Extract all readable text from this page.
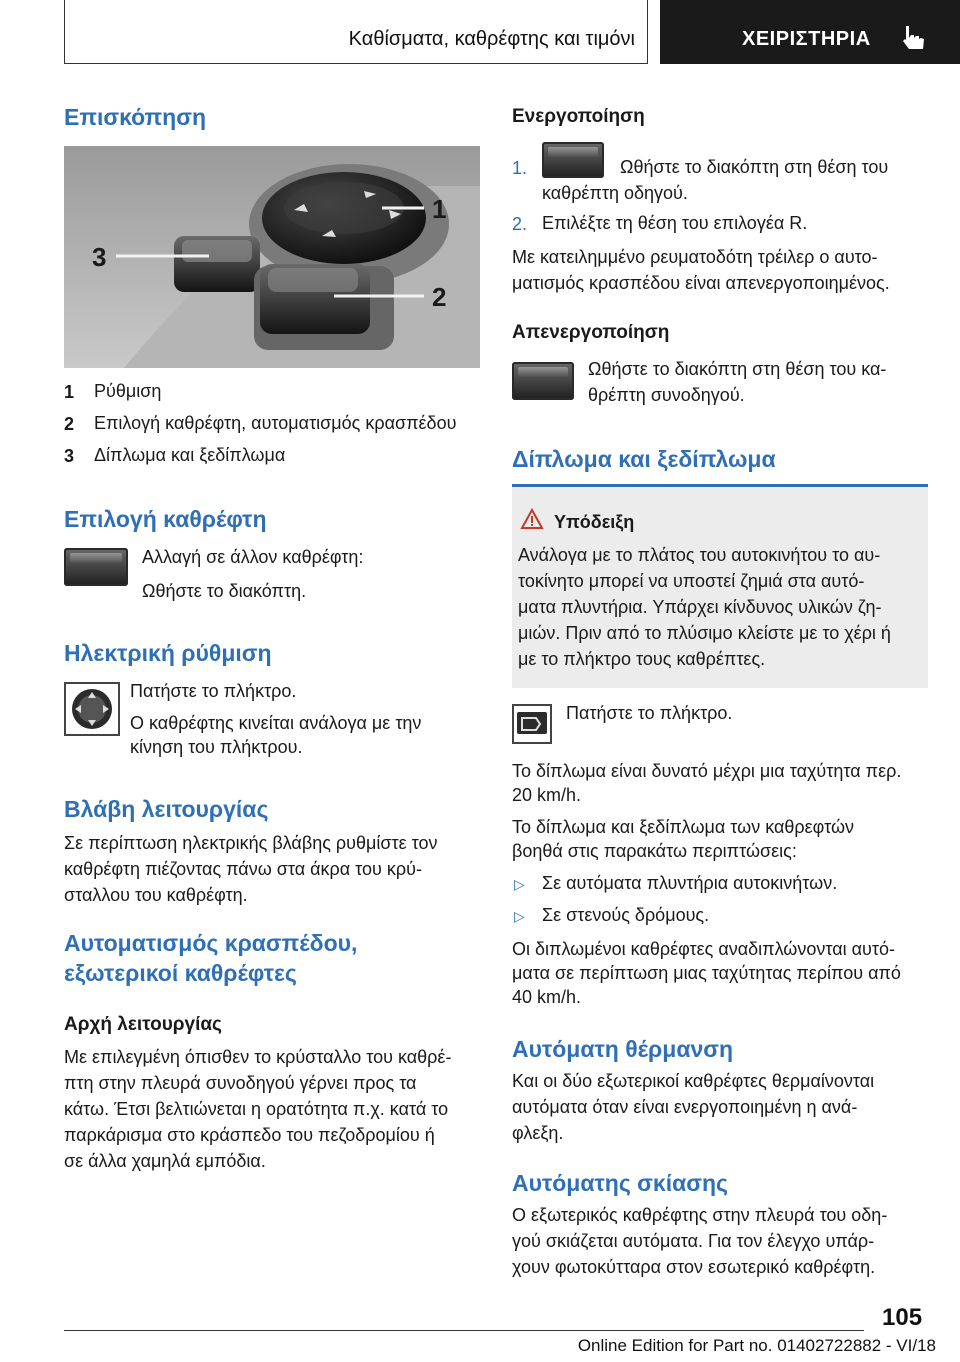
Καθίσματα, καθρέφτης και τιμόνι	ΧΕΙΡΙΣΤΗΡΙΑ
Επισκόπηση
3
1
2
1 Ρύθμιση
2 Επιλογή καθρέφτη, αυτοματισμός κρασπέδου
3 Δίπλωμα και ξεδίπλωμα
Επιλογή καθρέφτη
Αλλαγή σε άλλον καθρέφτη:
Ωθήστε το διακόπτη.
Ηλεκτρική ρύθμιση
Πατήστε το πλήκτρο.
Ο καθρέφτης κινείται ανάλογα με την
κίνηση του πλήκτρου.
Βλάβη λειτουργίας
Σε περίπτωση ηλεκτρικής βλάβης ρυθμίστε τον
καθρέφτη πιέζοντας πάνω στα άκρα του κρύ-
σταλλου του καθρέφτη.
Αυτοματισμός κρασπέδου,
εξωτερικοί καθρέφτες
Αρχή λειτουργίας
Με επιλεγμένη όπισθεν το κρύσταλλο του καθρέ-
πτη στην πλευρά συνοδηγού γέρνει προς τα
κάτω. Έτσι βελτιώνεται η ορατότητα π.χ. κατά το
παρκάρισμα στο κράσπεδο του πεζοδρομίου ή
σε άλλα χαμηλά εμπόδια.
Ενεργοποίηση
1.	Ωθήστε το διακόπτη στη θέση του
καθρέπτη οδηγού.
2. Επιλέξτε τη θέση του επιλογέα R.
Με κατειλημμένο ρευματοδότη τρέιλερ ο αυτο-
ματισμός κρασπέδου είναι απενεργοποιημένος.
Απενεργοποίηση
Ωθήστε το διακόπτη στη θέση του κα-
θρέπτη συνοδηγού.
Δίπλωμα και ξεδίπλωμα
Υπόδειξη
Ανάλογα με το πλάτος του αυτοκινήτου το αυ-
τοκίνητο μπορεί να υποστεί ζημιά στα αυτό-
ματα πλυντήρια. Υπάρχει κίνδυνος υλικών ζη-
μιών. Πριν από το πλύσιμο κλείστε με το χέρι ή
με το πλήκτρο τους καθρέπτες.
Πατήστε το πλήκτρο.
Το δίπλωμα είναι δυνατό μέχρι μια ταχύτητα περ.
20 km/h.
Το δίπλωμα και ξεδίπλωμα των καθρεφτών
βοηθά στις παρακάτω περιπτώσεις:
▷ Σε αυτόματα πλυντήρια αυτοκινήτων.
▷ Σε στενούς δρόμους.
Οι διπλωμένοι καθρέφτες αναδιπλώνονται αυτό-
ματα σε περίπτωση μιας ταχύτητας περίπου από
40 km/h.
Αυτόματη θέρμανση
Και οι δύο εξωτερικοί καθρέφτες θερμαίνονται
αυτόματα όταν είναι ενεργοποιημένη η ανά-
φλεξη.
Αυτόματης σκίασης
Ο εξωτερικός καθρέφτης στην πλευρά του οδη-
γού σκιάζεται αυτόματα. Για τον έλεγχο υπάρ-
χουν φωτοκύτταρα στον εσωτερικό καθρέφτη.
105
Online Edition for Part no. 01402722882 - VI/18
